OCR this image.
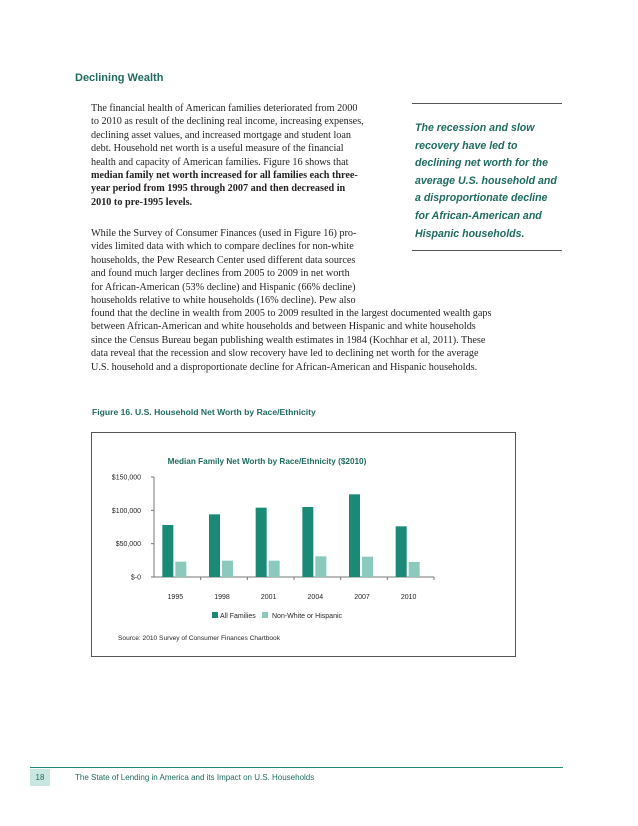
Declining Wealth
The financial health of American families deteriorated from 2000
to 2010 as result of the declining real income, increasing expenses,
declining asset values, and increased mortgage and student loan
debt. Household net worth is a useful measure of the financial
health and capacity of American families. Figure 16 shows that
median family net worth increased for all families each three-
year period from 1995 through 2007 and then decreased in
2010 to pre-1995 levels.
While the Survey of Consumer Finances (used in Figure 16) pro-
vides limited data with which to compare declines for non-white
households, the Pew Research Center used different data sources
and found much larger declines from 2005 to 2009 in net worth
for African-American (53% decline) and Hispanic (66% decline)
households relative to white households (16% decline). Pew also
found that the decline in wealth from 2005 to 2009 resulted in the largest documented wealth gaps
between African-American and white households and between Hispanic and white households
since the Census Bureau began publishing wealth estimates in 1984 (Kochhar et al, 2011). These
data reveal that the recession and slow recovery have led to declining net worth for the average
U.S. household and a disproportionate decline for African-American and Hispanic households.
The recession and slow recovery have led to declining net worth for the average U.S. household and a disproportionate decline for African-American and Hispanic households.
Figure 16. U.S. Household Net Worth by Race/Ethnicity
Median Family Net Worth by Race/Ethnicity ($2010)
$-0
$50,000
$100,000
$150,000
1995	1998	2001	2004	2007	2010
All Families Non-White or Hispanic
Source: 2010 Survey of Consumer Finances Chartbook
18	The State of Lending in America and its Impact on U.S. Households
